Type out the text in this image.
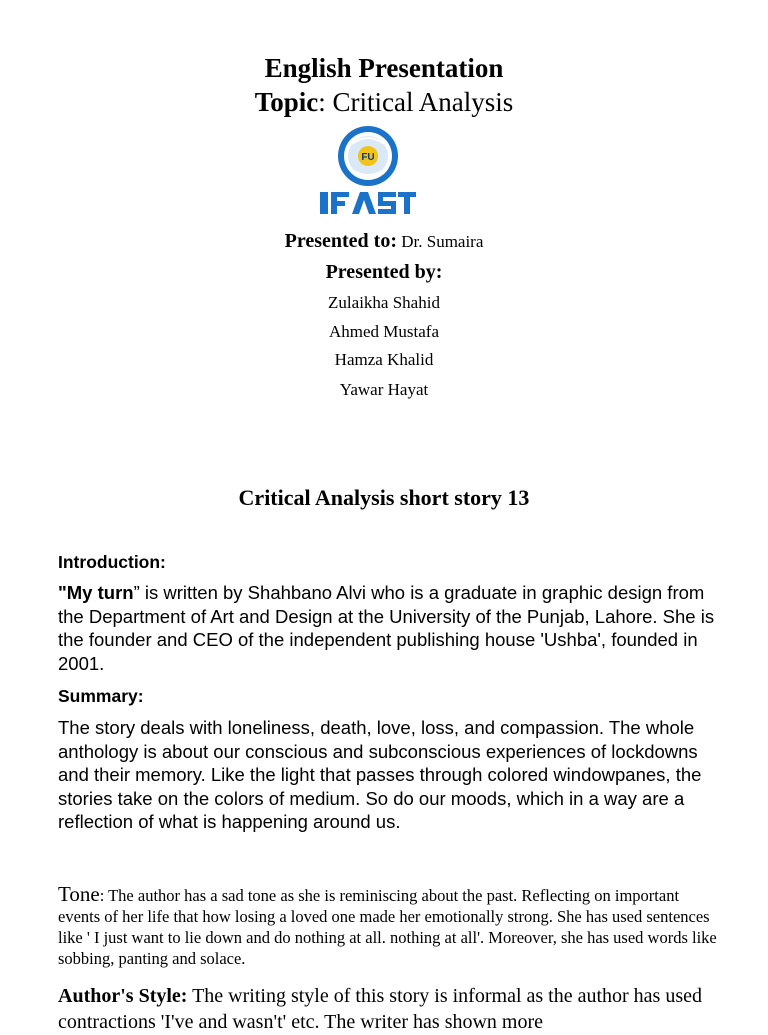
English Presentation
Topic: Critical Analysis
FU
Presented to: Dr. Sumaira
Presented by:
Zulaikha Shahid
Ahmed Mustafa
Hamza Khalid
Yawar Hayat
Critical Analysis short story 13
Introduction:

"My turn” is written by Shahbano Alvi who is a graduate in graphic design from the Department of Art and Design at the University of the Punjab, Lahore. She is the founder and CEO of the independent publishing house 'Ushba', founded in 2001.

Summary:

The story deals with loneliness, death, love, loss, and compassion. The whole anthology is about our conscious and subconscious experiences of lockdowns and their memory. Like the light that passes through colored windowpanes, the stories take on the colors of medium. So do our moods, which in a way are a reflection of what is happening around us.

Tone: The author has a sad tone as she is reminiscing about the past. Reflecting on important events of her life that how losing a loved one made her emotionally strong. She has used sentences like ' I just want to lie down and do nothing at all. nothing at all'. Moreover, she has used words like sobbing, panting and solace.

Author's Style: The writing style of this story is informal as the author has used contractions 'I've and wasn't' etc. The writer has shown more
